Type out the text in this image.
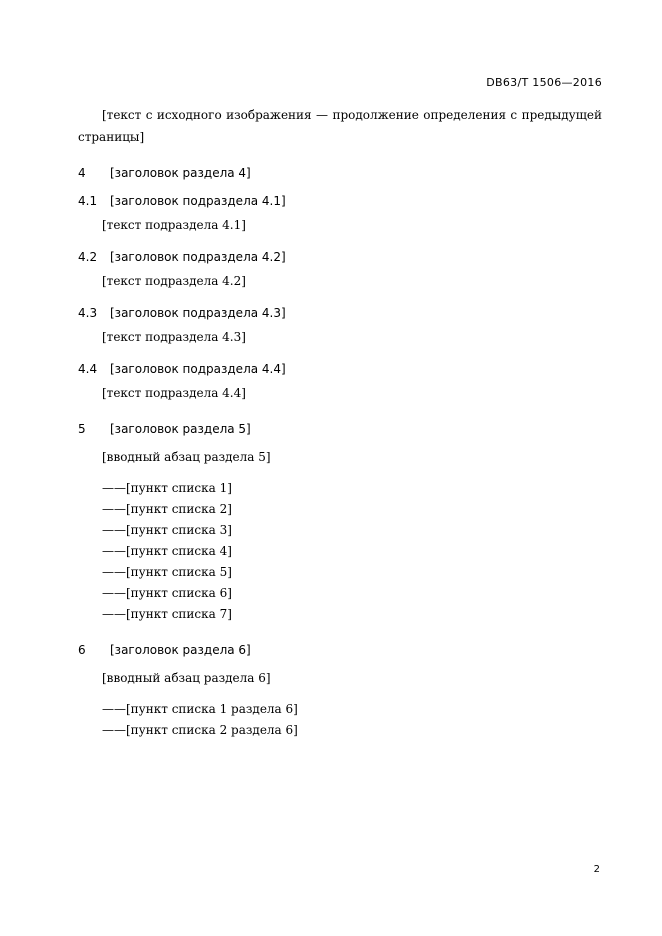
DB63/T 1506—2016

[текст с исходного изображения — продолжение определения с предыдущей страницы]

4	[заголовок раздела 4]
4.1	[заголовок подраздела 4.1]

[текст подраздела 4.1]

4.2	[заголовок подраздела 4.2]

[текст подраздела 4.2]

4.3	[заголовок подраздела 4.3]

[текст подраздела 4.3]

4.4	[заголовок подраздела 4.4]

[текст подраздела 4.4]

5	[заголовок раздела 5]

[вводный абзац раздела 5]

——[пункт списка 1]
——[пункт списка 2]
——[пункт списка 3]
——[пункт списка 4]
——[пункт списка 5]
——[пункт списка 6]
——[пункт списка 7]
6	[заголовок раздела 6]

[вводный абзац раздела 6]

——[пункт списка 1 раздела 6]
——[пункт списка 2 раздела 6]
2
